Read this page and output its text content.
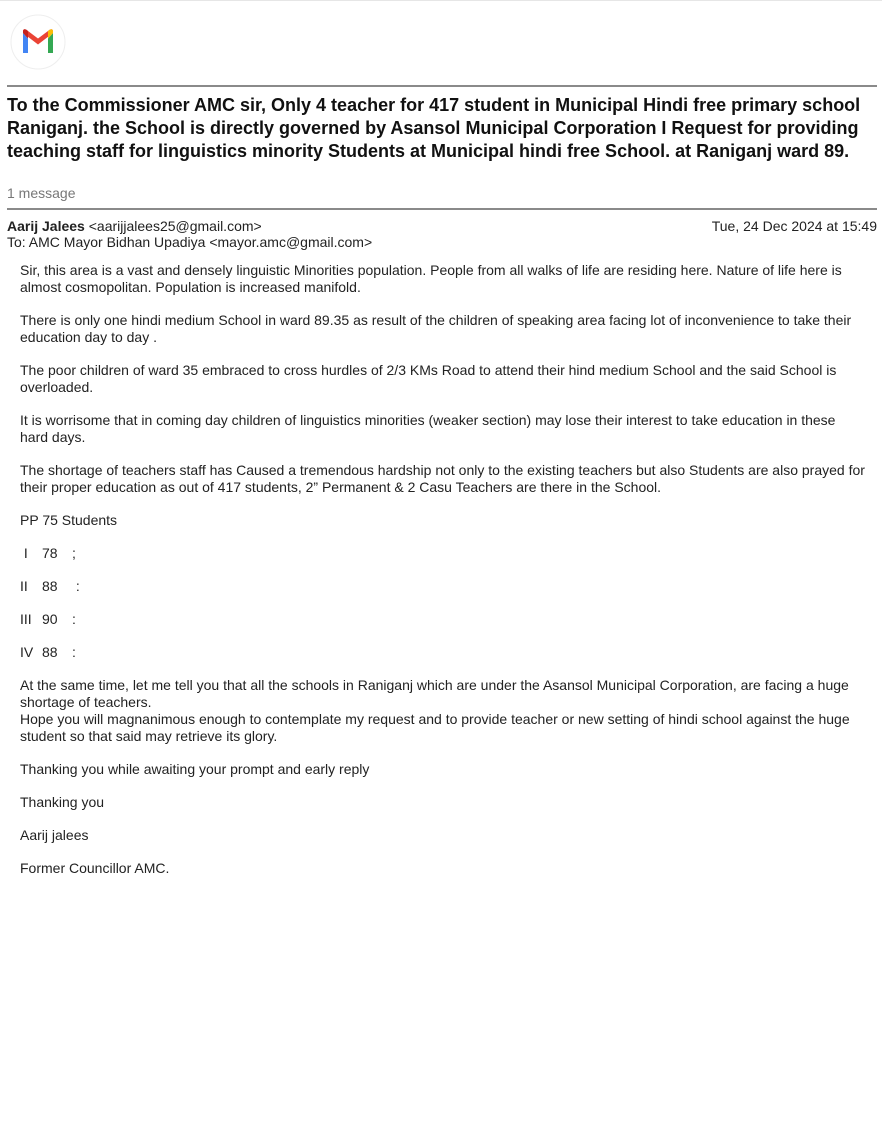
To the Commissioner AMC sir, Only 4 teacher for 417 student in Municipal Hindi free primary school Raniganj. the School is directly governed by Asansol Municipal Corporation I Request for providing teaching staff for linguistics minority Students at Municipal hindi free School. at Raniganj ward 89.
1 message
Aarij Jalees <aarijjalees25@gmail.com>	Tue, 24 Dec 2024 at 15:49
To: AMC Mayor Bidhan Upadiya <mayor.amc@gmail.com>

Sir, this area is a vast and densely linguistic Minorities population. People from all walks of life are residing here. Nature of life here is almost cosmopolitan. Population is increased manifold.

There is only one hindi medium School in ward 89.35 as result of the children of speaking area facing lot of inconvenience to take their education day to day .

The poor children of ward 35 embraced to cross hurdles of 2/3 KMs Road to attend their hind medium School and the said School is overloaded.

It is worrisome that in coming day children of linguistics minorities (weaker section) may lose their interest to take education in these hard days.

The shortage of teachers staff has Caused a tremendous hardship not only to the existing teachers but also Students are also prayed for their proper education as out of 417 students, 2” Permanent & 2 Casu Teachers are there in the School.

PP 75 Students

I	78	;
II	88	:
III 90	:
IV 88	:

At the same time, let me tell you that all the schools in Raniganj which are under the Asansol Municipal Corporation, are facing a huge shortage of teachers.

Hope you will magnanimous enough to contemplate my request and to provide teacher or new setting of hindi school against the huge student so that said may retrieve its glory.

Thanking you while awaiting your prompt and early reply

Thanking you

Aarij jalees

Former Councillor AMC.
